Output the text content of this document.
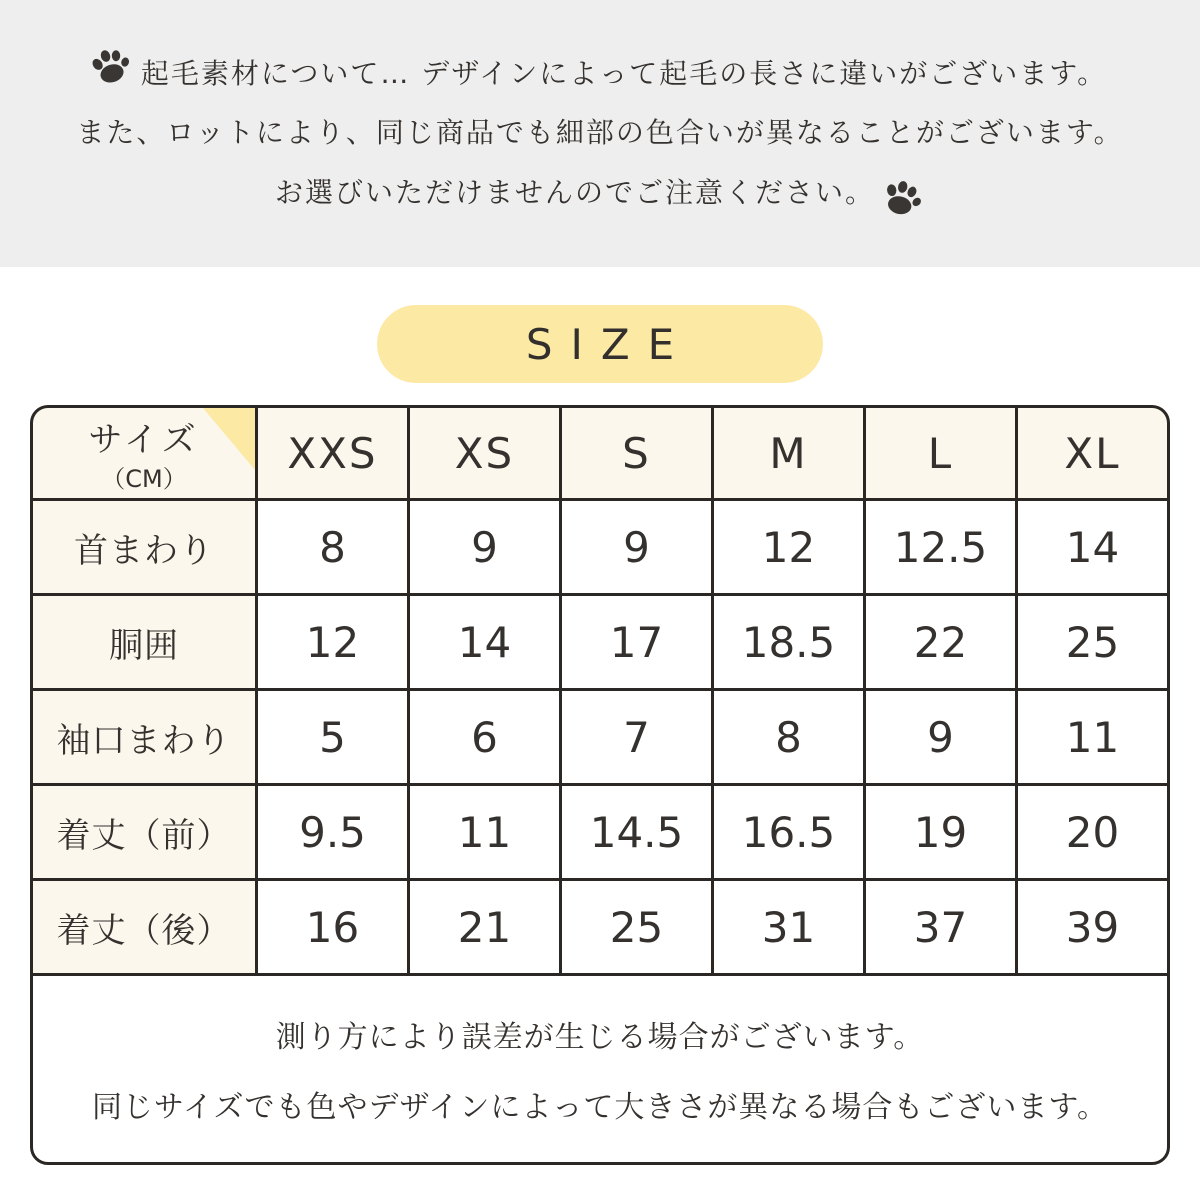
起毛素材について… デザインによって起毛の長さに違いがございます。
また、ロットにより、同じ商品でも細部の色合いが異なることがございます。
お選びいただけませんのでご注意ください。
SIZE
サイズ
（CM）
XXS	XS	S	M	L	XL
首まわり	8	9	9	12	12.5	14
胴囲	12	14	17	18.5	22	25
袖口まわり	5	6	7	8	9	11
着丈（前）	9.5	11	14.5	16.5	19	20
着丈（後）	16	21	25	31	37	39
測り方により誤差が生じる場合がございます。
同じサイズでも色やデザインによって大きさが異なる場合もございます。
